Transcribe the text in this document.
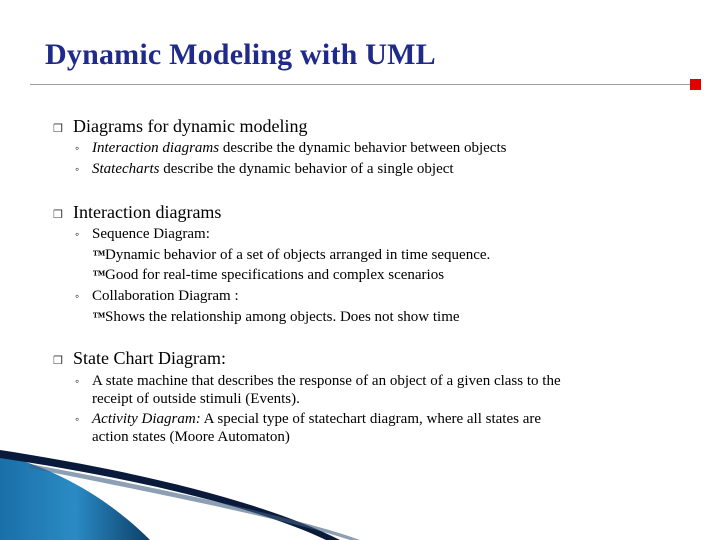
Dynamic Modeling with UML
❒ Diagrams for dynamic modeling
◦ Interaction diagrams describe the dynamic behavior between objects
◦ Statecharts describe the dynamic behavior of a single object
❒ Interaction diagrams
◦ Sequence Diagram:
™Dynamic behavior of a set of objects arranged in time sequence.
™Good for real-time specifications and complex scenarios
◦ Collaboration Diagram :
™Shows the relationship among objects. Does not show time
❒ State Chart Diagram:
◦ A state machine that describes the response of an object of a given class to the
receipt of outside stimuli (Events).
◦ Activity Diagram: A special type of statechart diagram, where all states are
action states (Moore Automaton)
